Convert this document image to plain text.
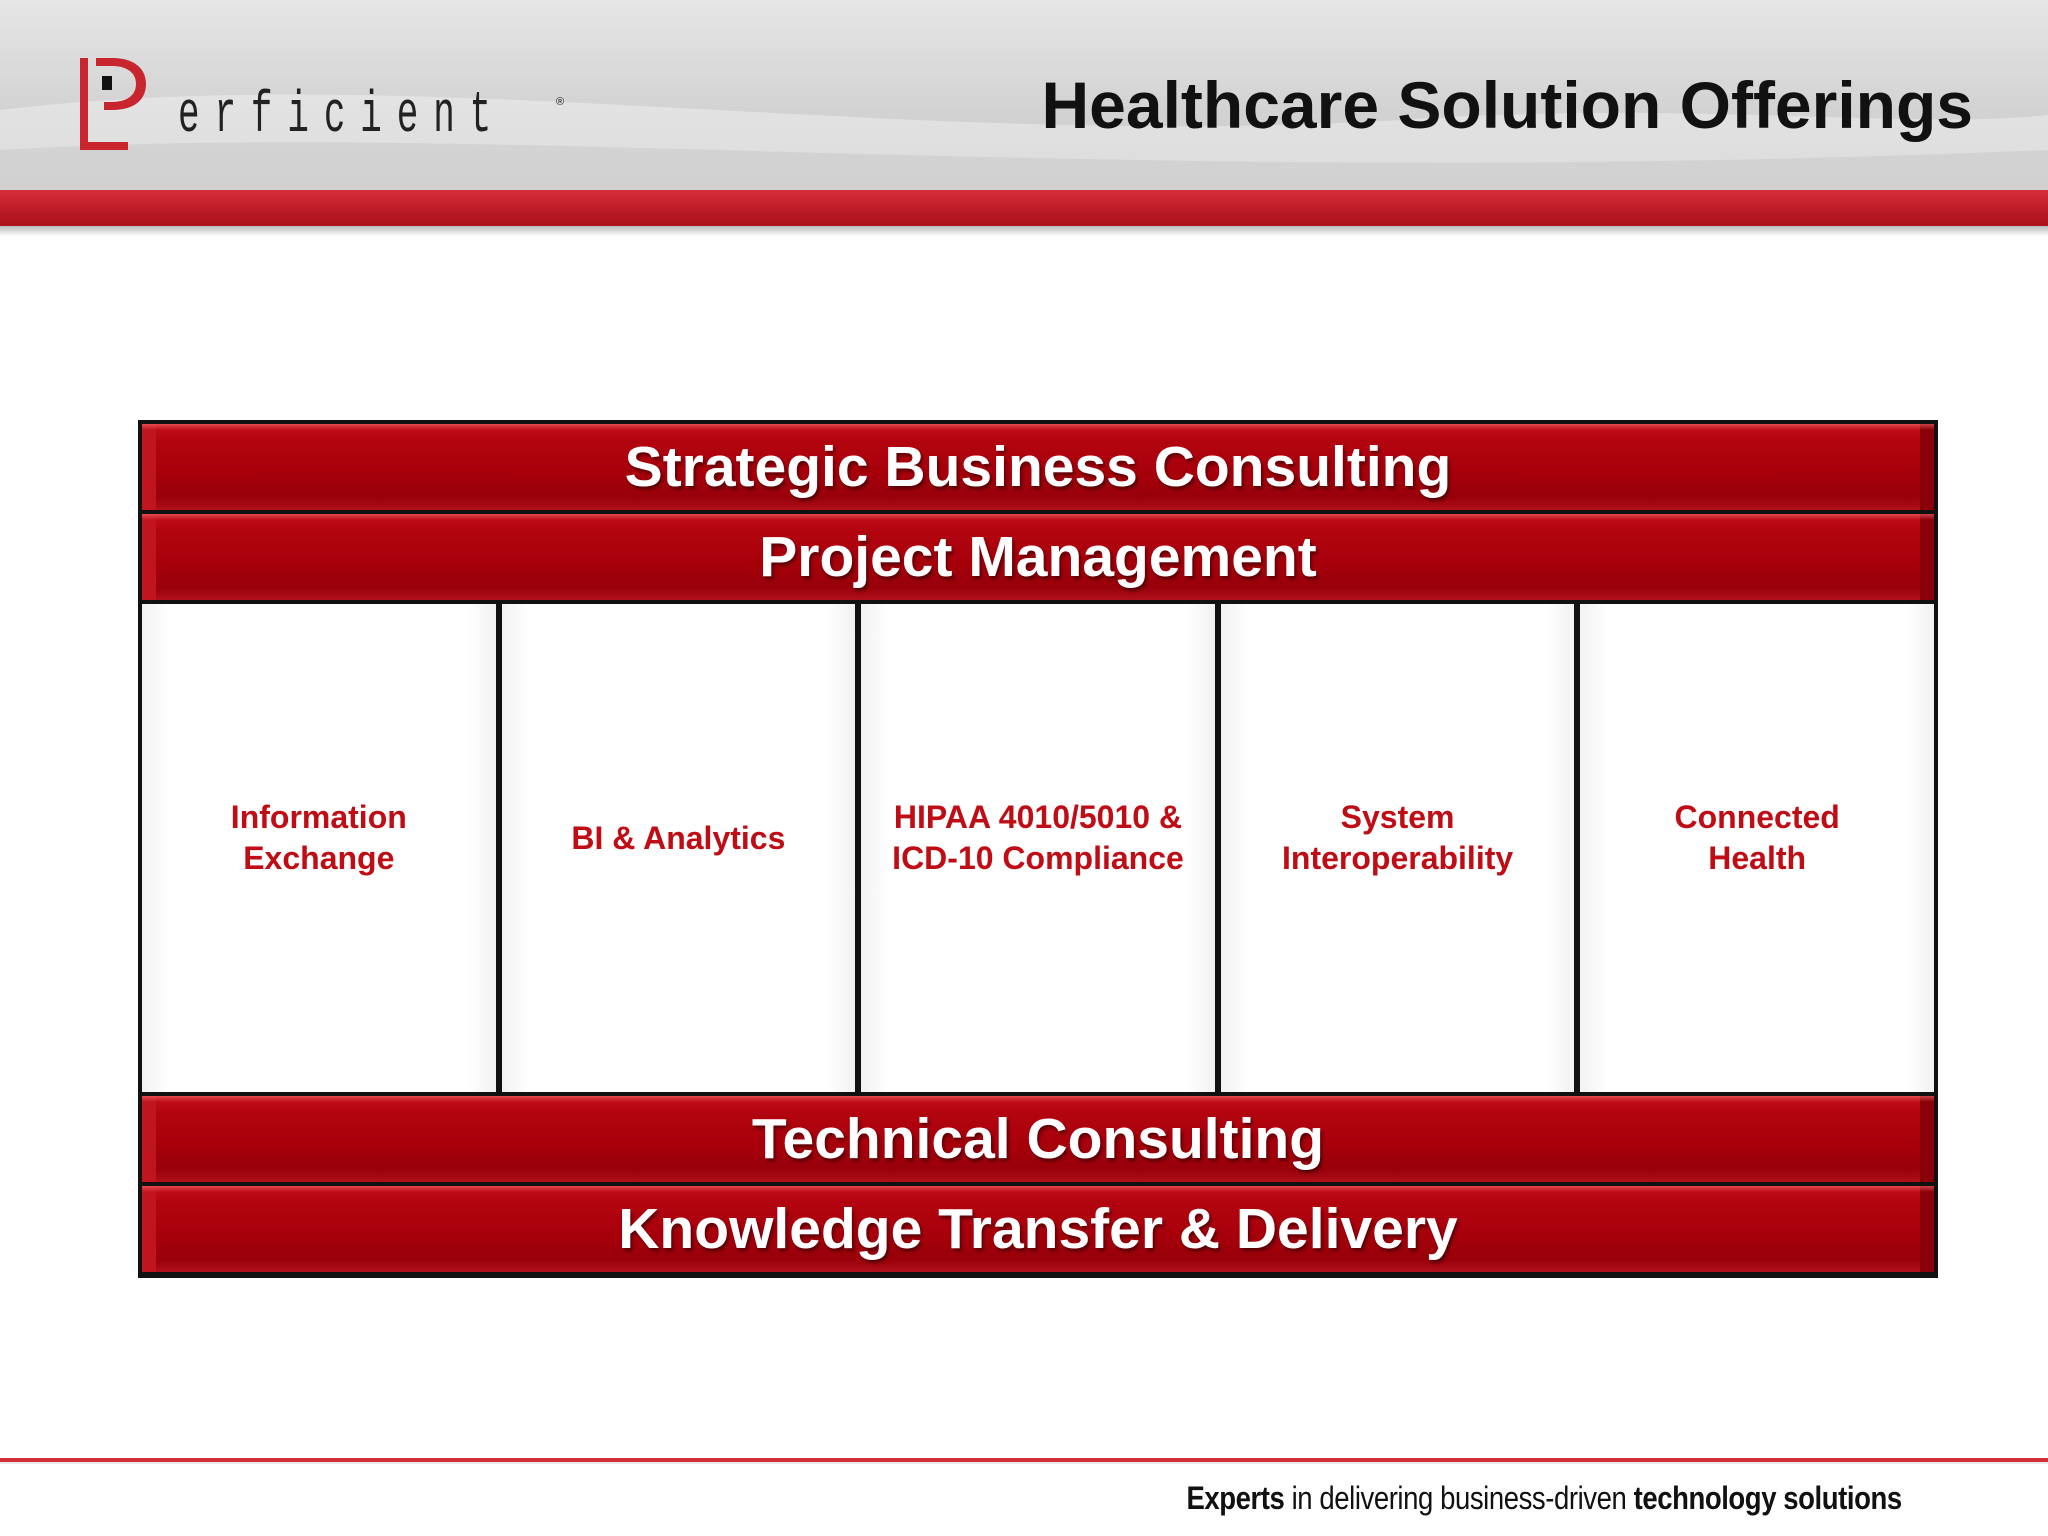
erficient	®	Healthcare Solution Offerings
Strategic Business Consulting
Project Management
Information
Exchange
BI & Analytics
HIPAA 4010/5010 &
ICD-10 Compliance
System
Interoperability
Connected
Health
Technical Consulting
Knowledge Transfer & Delivery
Experts in delivering business-driven technology solutions
